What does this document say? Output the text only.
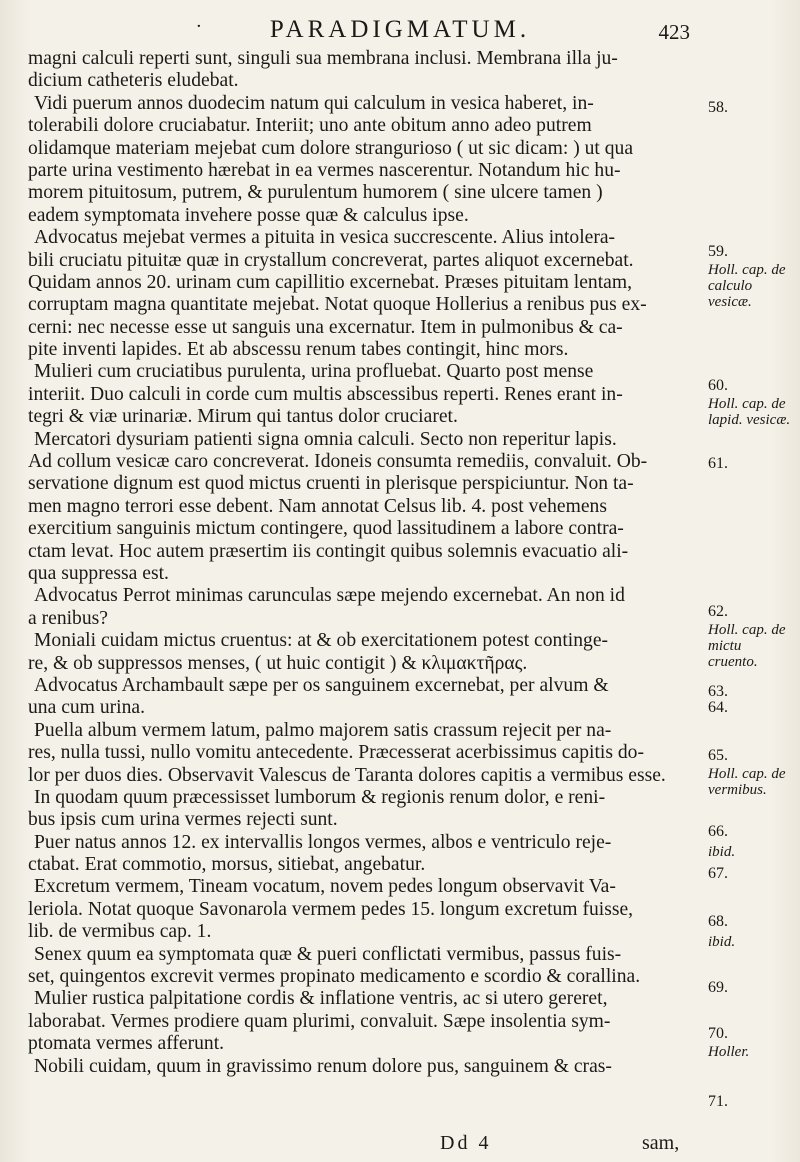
·	PARADIGMATUM.	423
magni calculi reperti sunt, singuli sua membrana inclusi. Membrana illa ju-
dicium catheteris eludebat.
Vidi puerum annos duodecim natum qui calculum in vesica haberet, in-
tolerabili dolore cruciabatur. Interiit; uno ante obitum anno adeo putrem
olidamque materiam mejebat cum dolore stranguriosо ( ut sic dicam: ) ut qua
parte urina vestimento hærebat in ea vermes nascerentur. Notandum hic hu-
morem pituitosum, putrem, & purulentum humorem ( sine ulcere tamen )
eadem symptomata invehere posse quæ & calculus ipse.
Advocatus mejebat vermes a pituita in vesica succrescente. Alius intolera-
bili cruciatu pituitæ quæ in crystallum concreverat, partes aliquot excernebat.
Quidam annos 20. urinam cum capillitio excernebat. Præses pituitam lentam,
corruptam magna quantitate mejebat. Notat quoque Hollerius a renibus pus ex-
cerni: nec necesse esse ut sanguis una excernatur. Item in pulmonibus & ca-
pite inventi lapides. Et ab abscessu renum tabes contingit, hinc mors.
Mulieri cum cruciatibus purulenta, urina profluebat. Quarto post mense
interiit. Duo calculi in corde cum multis abscessibus reperti. Renes erant in-
tegri & viæ urinariæ. Mirum qui tantus dolor cruciaret.
Mercatori dysuriam patienti signa omnia calculi. Secto non reperitur lapis.
Ad collum vesicæ caro concreverat. Idoneis consumta remediis, convaluit. Ob-
servatione dignum est quod mictus cruenti in plerisque perspiciuntur. Non ta-
men magno terrori esse debent. Nam annotat Celsus lib. 4. post vehemens
exercitium sanguinis mictum contingere, quod lassitudinem a labore contra-
ctam levat. Hoc autem præsertim iis contingit quibus solemnis evacuatio ali-
qua suppressa est.
Advocatus Perrot minimas carunculas sæpe mejendo excernebat. An non id
a renibus?
Moniali cuidam mictus cruentus: at & ob exercitationem potest continge-
re, & ob suppressos menses, ( ut huic contigit ) & κλιμακτῆρας.
Advocatus Archambault sæpe per os sanguinem excernebat, per alvum &
una cum urina.
Puella album vermem latum, palmo majorem satis crassum rejecit per na-
res, nulla tussi, nullo vomitu antecedente. Præcesserat acerbissimus capitis do-
lor per duos dies. Observavit Valescus de Taranta dolores capitis a vermibus esse.
In quodam quum præcessisset lumborum & regionis renum dolor, e reni-
bus ipsis cum urina vermes rejecti sunt.
Puer natus annos 12. ex intervallis longos vermes, albos e ventriculo reje-
ctabat. Erat commotio, morsus, sitiebat, angebatur.
Excretum vermem, Tineam vocatum, novem pedes longum observavit Va-
leriola. Notat quoque Savonarola vermem pedes 15. longum excretum fuisse,
lib. de vermibus cap. 1.
Senex quum ea symptomata quæ & pueri conflictati vermibus, passus fuis-
set, quingentos excrevit vermes propinato medicamento e scordio & corallina.
Mulier rustica palpitatione cordis & inflatione ventris, ac si utero gereret,
laborabat. Vermes prodiere quam plurimi, convaluit. Sæpe insolentia sym-
ptomata vermes afferunt.
Nobili cuidam, quum in gravissimo renum dolore pus, sanguinem & cras-
58.
59.
Holl. cap. de calculo vesicæ.
60.
Holl. cap. de lapid. vesicæ.
61.
62.
Holl. cap. de mictu cruento.
63.
64.
65.
Holl. cap. de vermibus.
66.
ibid.
67.
68.
ibid.
69.
70.
Holler.
71.
Dd 4	sam,
